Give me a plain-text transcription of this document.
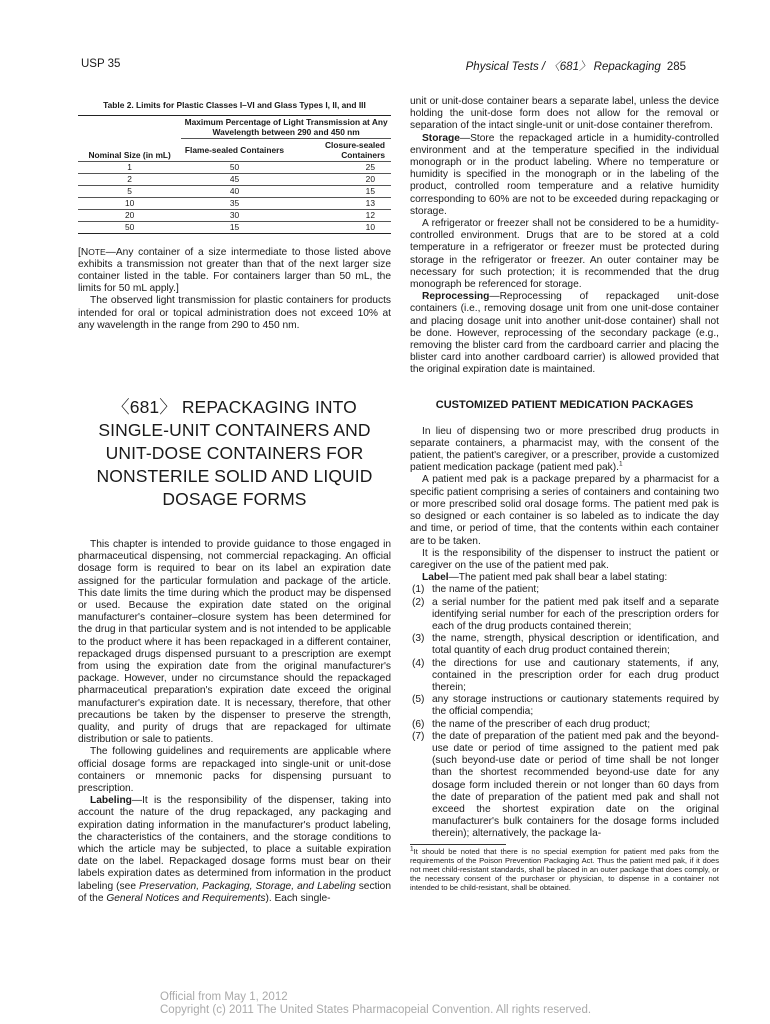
USP 35	Physical Tests / 〈681〉 Repackaging 285
Table 2. Limits for Plastic Classes I–VI and Glass Types I, II, and III
Nominal Size (in mL)	Maximum Percentage of Light Transmission at Any Wavelength between 290 and 450 nm	
	Flame-sealed Containers	Closure-sealed Containers
1	50	25
2	45	20
5	40	15
10	35	13
20	30	12
50	15	10

[NOTE—Any container of a size intermediate to those listed above exhibits a transmission not greater than that of the next larger size container listed in the table. For containers larger than 50 mL, the limits for 50 mL apply.]

The observed light transmission for plastic containers for products intended for oral or topical administration does not exceed 10% at any wavelength in the range from 290 to 450 nm.

〈681〉 REPACKAGING INTO
SINGLE-UNIT CONTAINERS AND
UNIT-DOSE CONTAINERS FOR
NONSTERILE SOLID AND LIQUID
DOSAGE FORMS

This chapter is intended to provide guidance to those engaged in pharmaceutical dispensing, not commercial repackaging. An official dosage form is required to bear on its label an expiration date assigned for the particular formulation and package of the article. This date limits the time during which the product may be dispensed or used. Because the expiration date stated on the original manufacturer's container–closure system has been determined for the drug in that particular system and is not intended to be applicable to the product where it has been repackaged in a different container, repackaged drugs dispensed pursuant to a prescription are exempt from using the expiration date from the original manufacturer's package. However, under no circumstance should the repackaged pharmaceutical preparation's expiration date exceed the original manufacturer's expiration date. It is necessary, therefore, that other precautions be taken by the dispenser to preserve the strength, quality, and purity of drugs that are repackaged for ultimate distribution or sale to patients.

The following guidelines and requirements are applicable where official dosage forms are repackaged into single-unit or unit-dose containers or mnemonic packs for dispensing pursuant to prescription.

Labeling—It is the responsibility of the dispenser, taking into account the nature of the drug repackaged, any packaging and expiration dating information in the manufacturer's product labeling, the characteristics of the containers, and the storage conditions to which the article may be subjected, to place a suitable expiration date on the label. Repackaged dosage forms must bear on their labels expiration dates as determined from information in the product labeling (see Preservation, Packaging, Storage, and Labeling section of the General Notices and Requirements). Each single-

unit or unit-dose container bears a separate label, unless the device holding the unit-dose form does not allow for the removal or separation of the intact single-unit or unit-dose container therefrom.

Storage—Store the repackaged article in a humidity-controlled environment and at the temperature specified in the individual monograph or in the product labeling. Where no temperature or humidity is specified in the monograph or in the labeling of the product, controlled room temperature and a relative humidity corresponding to 60% are not to be exceeded during repackaging or storage.

A refrigerator or freezer shall not be considered to be a humidity-controlled environment. Drugs that are to be stored at a cold temperature in a refrigerator or freezer must be protected during storage in the refrigerator or freezer. An outer container may be necessary for such protection; it is recommended that the drug monograph be referenced for storage.

Reprocessing—Reprocessing of repackaged unit-dose containers (i.e., removing dosage unit from one unit-dose container and placing dosage unit into another unit-dose container) shall not be done. However, reprocessing of the secondary package (e.g., removing the blister card from the cardboard carrier and placing the blister card into another cardboard carrier) is allowed provided that the original expiration date is maintained.

CUSTOMIZED PATIENT MEDICATION PACKAGES

In lieu of dispensing two or more prescribed drug products in separate containers, a pharmacist may, with the consent of the patient, the patient's caregiver, or a prescriber, provide a customized patient medication package (patient med pak).$^1$

A patient med pak is a package prepared by a pharmacist for a specific patient comprising a series of containers and containing two or more prescribed solid oral dosage forms. The patient med pak is so designed or each container is so labeled as to indicate the day and time, or period of time, that the contents within each container are to be taken.

It is the responsibility of the dispenser to instruct the patient or caregiver on the use of the patient med pak.

Label—The patient med pak shall bear a label stating:

(1) the name of the patient;
(2) a serial number for the patient med pak itself and a separate identifying serial number for each of the prescription orders for each of the drug products contained therein;
(3) the name, strength, physical description or identification, and total quantity of each drug product contained therein;
(4) the directions for use and cautionary statements, if any, contained in the prescription order for each drug product therein;
(5) any storage instructions or cautionary statements required by the official compendia;
(6) the name of the prescriber of each drug product;
(7) the date of preparation of the patient med pak and the beyond-use date or period of time assigned to the patient med pak (such beyond-use date or period of time shall be not longer than the shortest recommended beyond-use date for any dosage form included therein or not longer than 60 days from the date of preparation of the patient med pak and shall not exceed the shortest expiration date on the original manufacturer's bulk containers for the dosage forms included therein); alternatively, the package la-
$^1$It should be noted that there is no special exemption for patient med paks from the requirements of the Poison Prevention Packaging Act. Thus the patient med pak, if it does not meet child-resistant standards, shall be placed in an outer package that does comply, or the necessary consent of the purchaser or physician, to dispense in a container not intended to be child-resistant, shall be obtained.
Official from May 1, 2012
Copyright (c) 2011 The United States Pharmacopeial Convention. All rights reserved.
